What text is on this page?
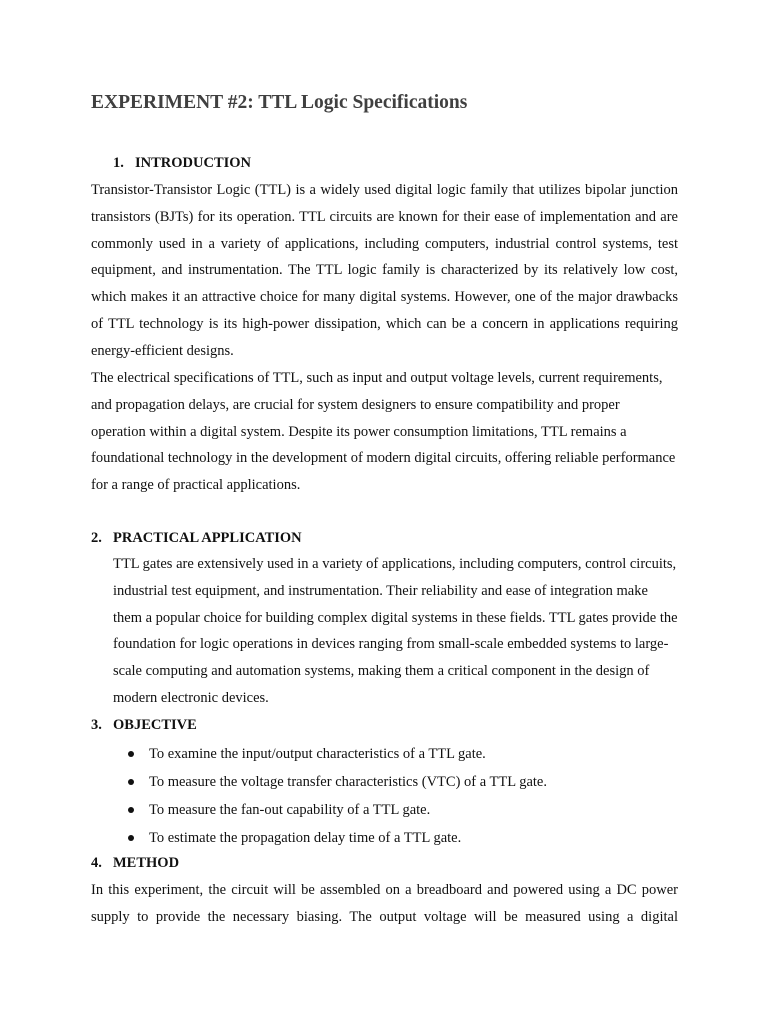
EXPERIMENT #2: TTL Logic Specifications
1. INTRODUCTION

Transistor-Transistor Logic (TTL) is a widely used digital logic family that utilizes bipolar junction transistors (BJTs) for its operation. TTL circuits are known for their ease of implementation and are commonly used in a variety of applications, including computers, industrial control systems, test equipment, and instrumentation. The TTL logic family is characterized by its relatively low cost, which makes it an attractive choice for many digital systems. However, one of the major drawbacks of TTL technology is its high-power dissipation, which can be a concern in applications requiring energy-efficient designs.

The electrical specifications of TTL, such as input and output voltage levels, current requirements, and propagation delays, are crucial for system designers to ensure compatibility and proper operation within a digital system. Despite its power consumption limitations, TTL remains a foundational technology in the development of modern digital circuits, offering reliable performance for a range of practical applications.

2. PRACTICAL APPLICATION

TTL gates are extensively used in a variety of applications, including computers, control circuits, industrial test equipment, and instrumentation. Their reliability and ease of integration make them a popular choice for building complex digital systems in these fields. TTL gates provide the foundation for logic operations in devices ranging from small-scale embedded systems to large-scale computing and automation systems, making them a critical component in the design of modern electronic devices.

3. OBJECTIVE
To examine the input/output characteristics of a TTL gate.
To measure the voltage transfer characteristics (VTC) of a TTL gate.
To measure the fan-out capability of a TTL gate.
To estimate the propagation delay time of a TTL gate.
4. METHOD

In this experiment, the circuit will be assembled on a breadboard and powered using a DC power supply to provide the necessary biasing. The output voltage will be measured using a digital
